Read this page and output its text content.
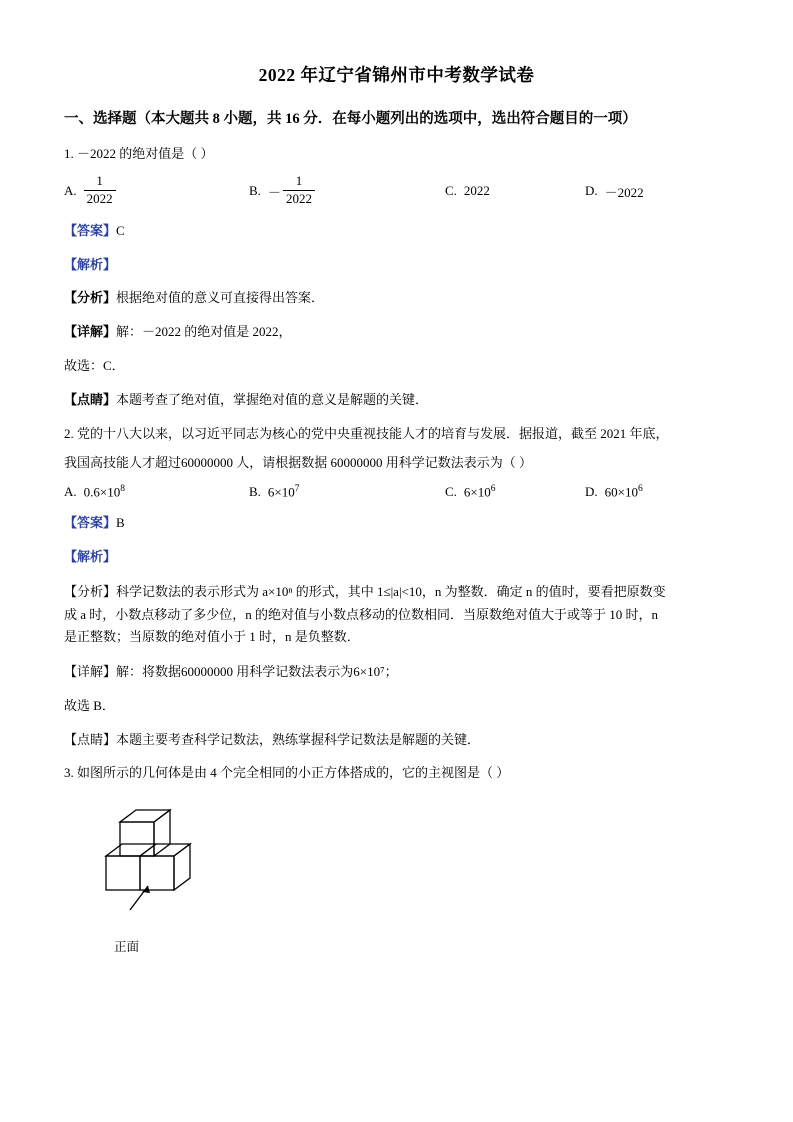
2022 年辽宁省锦州市中考数学试卷
一、选择题（本大题共 8 小题，共 16 分．在每小题列出的选项中，选出符合题目的一项）
1. －2022 的绝对值是（ ）
A. $\frac{1}{2022}$	B. － $\frac{1}{2022}$	C. 2022	D. －2022
【答案】C
【解析】
【分析】根据绝对值的意义可直接得出答案．
【详解】解：－2022 的绝对值是 2022，
故选：C．
【点睛】本题考查了绝对值，掌握绝对值的意义是解题的关键．
2. 党的十八大以来，以习近平同志为核心的党中央重视技能人才的培育与发展．据报道，截至 2021 年底，
我国高技能人才超过60000000 人，请根据数据 60000000 用科学记数法表示为（ ）
A. $0.6\times 10^8$	B. $6\times 10^7$	C. $6\times 10^6$	D. $60\times 10^6$
【答案】B
【解析】
【分析】科学记数法的表示形式为 a×10ⁿ 的形式，其中 1≤|a|<10，n 为整数．确定 n 的值时，要看把原数变
成 a 时，小数点移动了多少位，n 的绝对值与小数点移动的位数相同．当原数绝对值大于或等于 10 时，n
是正整数；当原数的绝对值小于 1 时，n 是负整数．
【详解】解：将数据60000000 用科学记数法表示为6×10⁷；
故选 B．
【点睛】本题主要考查科学记数法，熟练掌握科学记数法是解题的关键．
3. 如图所示的几何体是由 4 个完全相同的小正方体搭成的，它的主视图是（ ）
正面
